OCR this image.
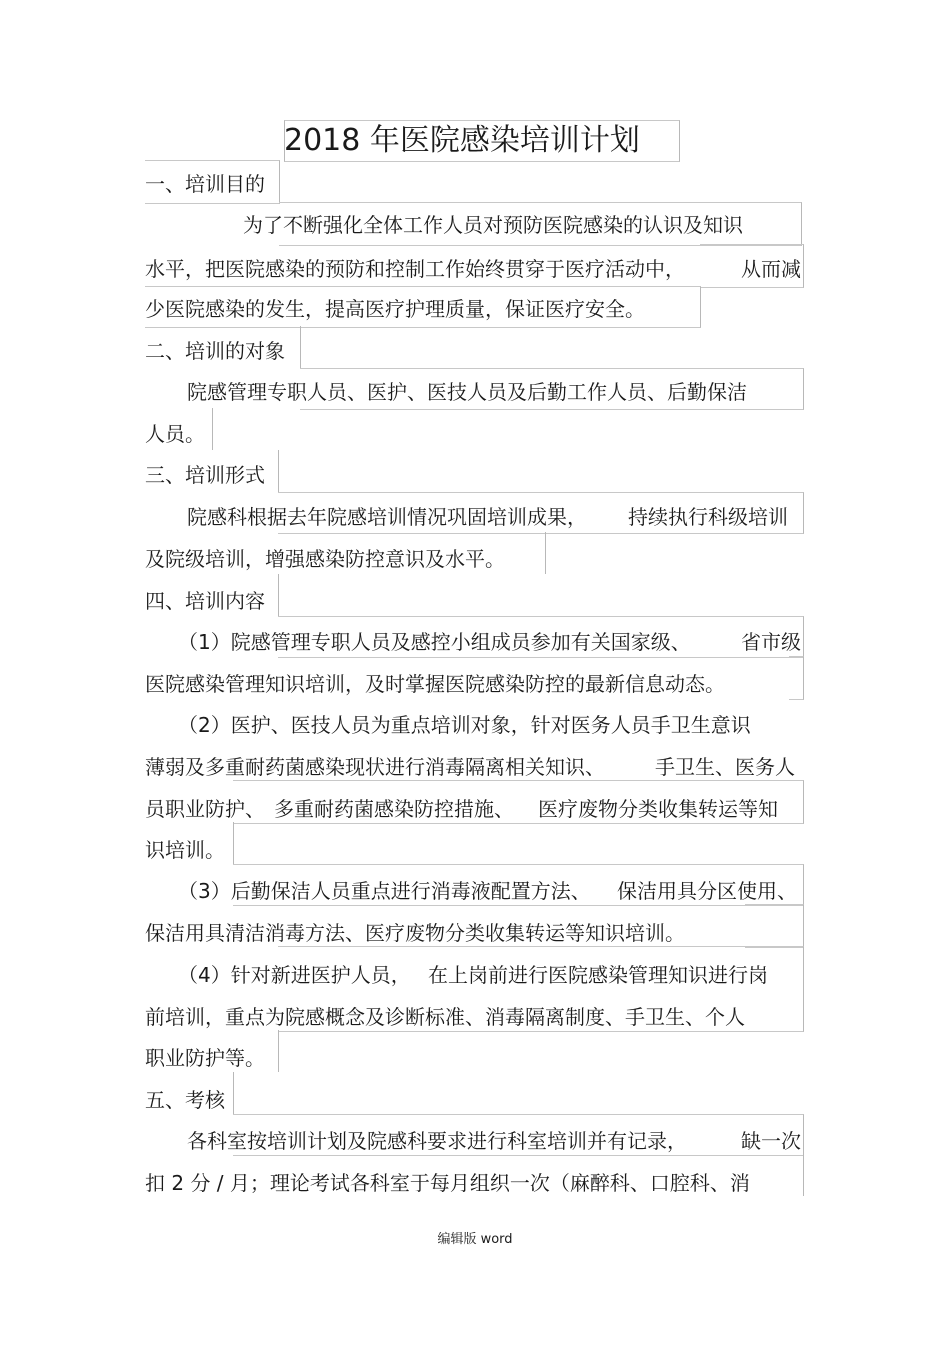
2018 年医院感染培训计划
一、培训目的
为了不断强化全体工作人员对预防医院感染的认识及知识
水平，把医院感染的预防和控制工作始终贯穿于医疗活动中，	从而减
少医院感染的发生，提高医疗护理质量，保证医疗安全。
二、培训的对象
院感管理专职人员、医护、医技人员及后勤工作人员、后勤保洁
人员。
三、培训形式
院感科根据去年院感培训情况巩固培训成果， 持续执行科级培训
及院级培训，增强感染防控意识及水平。
四、培训内容
（1）院感管理专职人员及感控小组成员参加有关国家级、	省市级
医院感染管理知识培训，及时掌握医院感染防控的最新信息动态。
（2）医护、医技人员为重点培训对象，针对医务人员手卫生意识
薄弱及多重耐药菌感染现状进行消毒隔离相关知识、	手卫生、医务人
员职业防护、 多重耐药菌感染防控措施、 医疗废物分类收集转运等知
识培训。
（3）后勤保洁人员重点进行消毒液配置方法、 保洁用具分区使用、
保洁用具清洁消毒方法、医疗废物分类收集转运等知识培训。
（4）针对新进医护人员， 在上岗前进行医院感染管理知识进行岗
前培训，重点为院感概念及诊断标准、消毒隔离制度、手卫生、个人
职业防护等。
五、考核
各科室按培训计划及院感科要求进行科室培训并有记录，	缺一次
扣 2 分 / 月；理论考试各科室于每月组织一次（麻醉科、口腔科、消
编辑版 word
